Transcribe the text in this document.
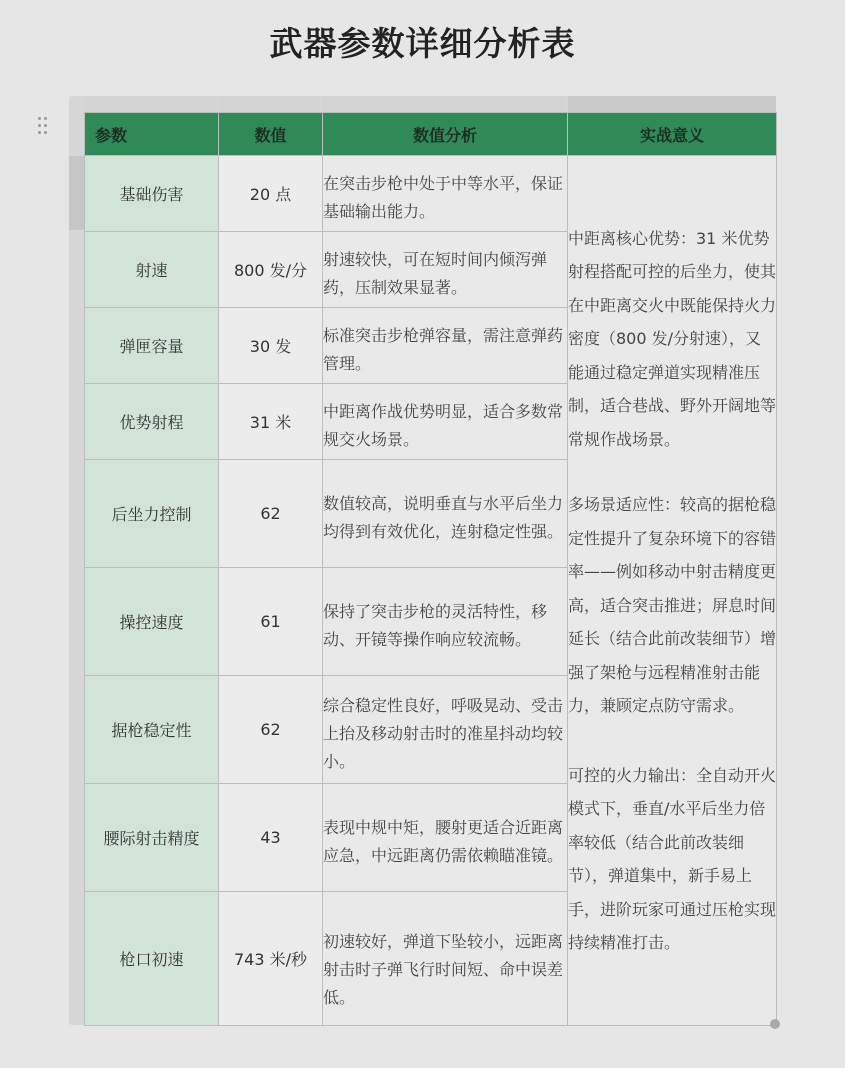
武器参数详细分析表
参数	数值	数值分析	实战意义
基础伤害	20 点	在突击步枪中处于中等水平，保证基础输出能力。	中距离核心优势：31 米优势射程搭配可控的后坐力，使其在中距离交火中既能保持火力密度（800 发/分射速），又能通过稳定弹道实现精准压制，适合巷战、野外开阔地等常规作战场景。

多场景适应性：较高的据枪稳定性提升了复杂环境下的容错率——例如移动中射击精度更高，适合突击推进；屏息时间延长（结合此前改装细节）增强了架枪与远程精准射击能力，兼顾定点防守需求。

可控的火力输出：全自动开火模式下，垂直/水平后坐力倍率较低（结合此前改装细节），弹道集中，新手易上手，进阶玩家可通过压枪实现持续精准打击。

射速	800 发/分	射速较快，可在短时间内倾泻弹药，压制效果显著。	

弹匣容量	30 发	标准突击步枪弹容量，需注意弹药管理。	

优势射程	31 米	中距离作战优势明显，适合多数常规交火场景。	

后坐力控制	62	数值较高，说明垂直与水平后坐力均得到有效优化，连射稳定性强。	

操控速度	61	保持了突击步枪的灵活特性，移动、开镜等操作响应较流畅。	

据枪稳定性	62	综合稳定性良好，呼吸晃动、受击上抬及移动射击时的准星抖动均较小。	

腰际射击精度	43	表现中规中矩，腰射更适合近距离应急，中远距离仍需依赖瞄准镜。	

枪口初速	743 米/秒	初速较好，弹道下坠较小，远距离射击时子弹飞行时间短、命中误差低。	
